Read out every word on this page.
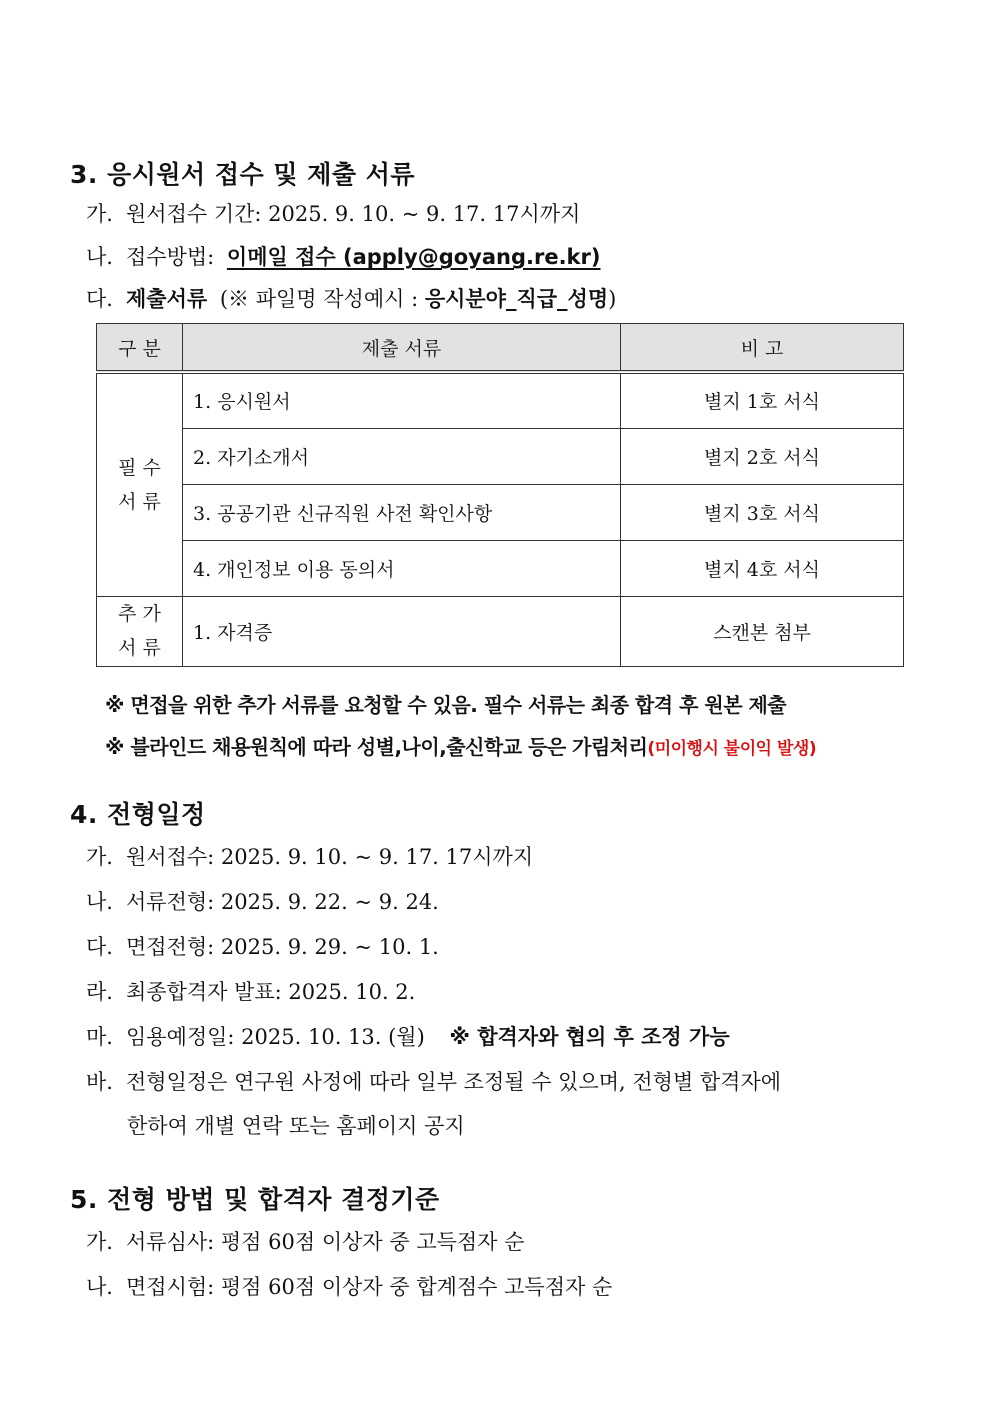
3. 응시원서 접수 및 제출 서류
가. 원서접수 기간: 2025. 9. 10. ~ 9. 17. 17시까지
나. 접수방법: 이메일 접수 (apply@goyang.re.kr)
다. 제출서류 (※ 파일명 작성예시 : 응시분야_직급_성명)
구 분	제출 서류	비 고

필 수
서 류	1. 응시원서	별지 1호 서식
	2. 자기소개서	별지 2호 서식
	3. 공공기관 신규직원 사전 확인사항	별지 3호 서식
	4. 개인정보 이용 동의서	별지 4호 서식

추 가
서 류	1. 자격증	스캔본 첨부
※ 면접을 위한 추가 서류를 요청할 수 있음. 필수 서류는 최종 합격 후 원본 제출
※ 블라인드 채용원칙에 따라 성별,나이,출신학교 등은 가림처리(미이행시 불이익 발생)
4. 전형일정
가. 원서접수: 2025. 9. 10. ~ 9. 17. 17시까지
나. 서류전형: 2025. 9. 22. ~ 9. 24.
다. 면접전형: 2025. 9. 29. ~ 10. 1.
라. 최종합격자 발표: 2025. 10. 2.
마. 임용예정일: 2025. 10. 13. (월) ※ 합격자와 협의 후 조정 가능
바. 전형일정은 연구원 사정에 따라 일부 조정될 수 있으며, 전형별 합격자에
한하여 개별 연락 또는 홈페이지 공지
5. 전형 방법 및 합격자 결정기준
가. 서류심사: 평점 60점 이상자 중 고득점자 순
나. 면접시험: 평점 60점 이상자 중 합계점수 고득점자 순
